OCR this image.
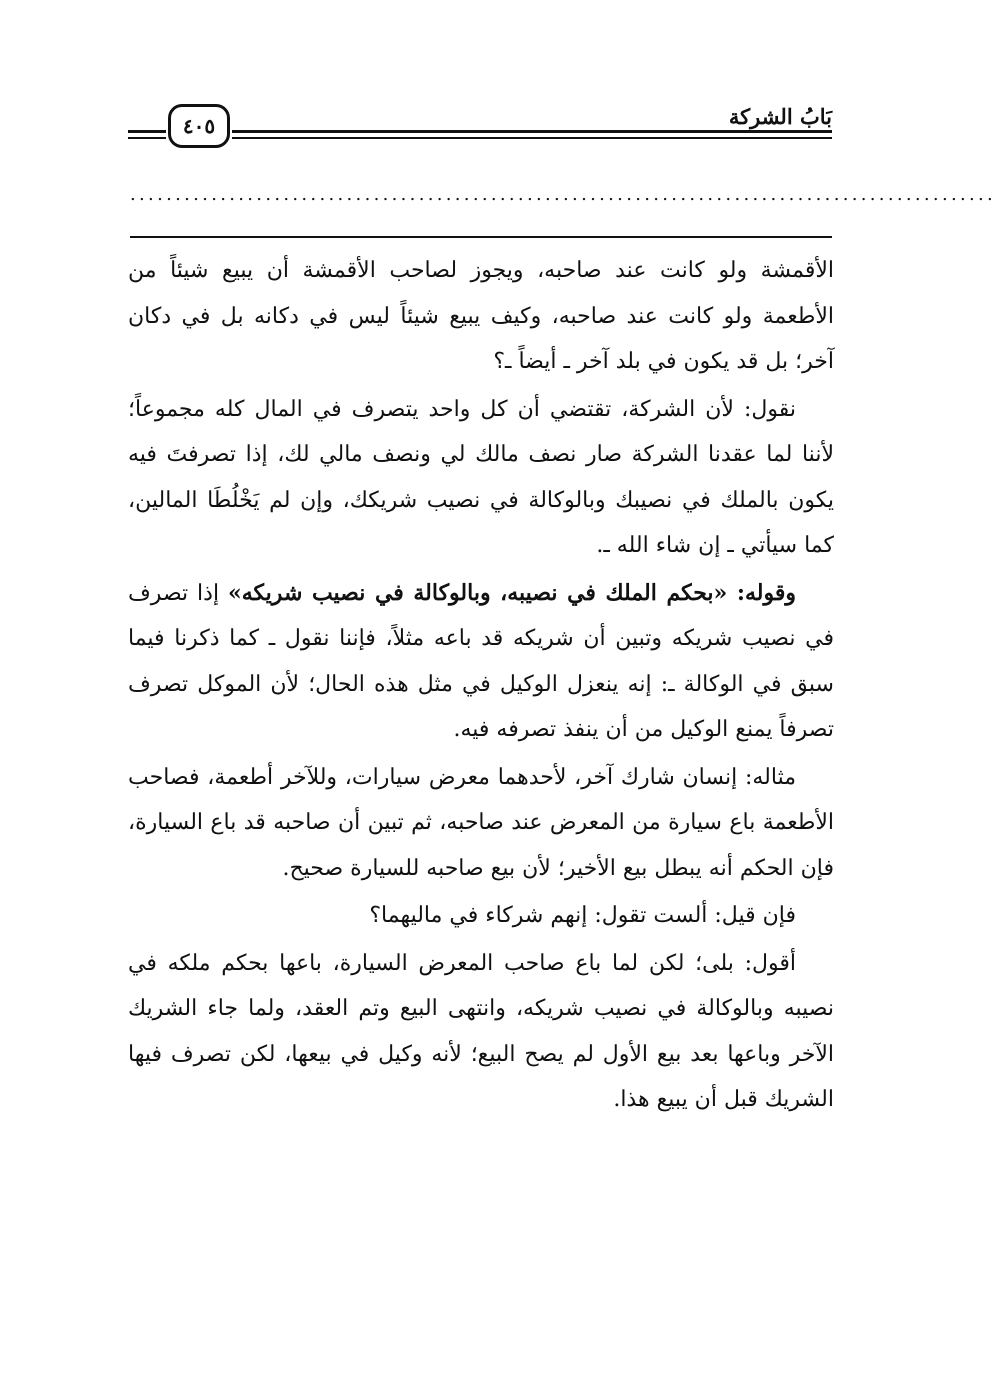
٤٠٥	بَابُ الشركة
................................................................................................

الأقمشة ولو كانت عند صاحبه، ويجوز لصاحب الأقمشة أن يبيع شيئاً من الأطعمة ولو كانت عند صاحبه، وكيف يبيع شيئاً ليس في دكانه بل في دكان آخر؛ بل قد يكون في بلد آخر ـ أيضاً ـ؟

نقول: لأن الشركة، تقتضي أن كل واحد يتصرف في المال كله مجموعاً؛ لأننا لما عقدنا الشركة صار نصف مالك لي ونصف مالي لك، إذا تصرفتَ فيه يكون بالملك في نصيبك وبالوكالة في نصيب شريكك، وإن لم يَخْلُطَا المالين، كما سيأتي ـ إن شاء الله ـ.

وقوله: «بحكم الملك في نصيبه، وبالوكالة في نصيب شريكه» إذا تصرف في نصيب شريكه وتبين أن شريكه قد باعه مثلاً، فإننا نقول ـ كما ذكرنا فيما سبق في الوكالة ـ: إنه ينعزل الوكيل في مثل هذه الحال؛ لأن الموكل تصرف تصرفاً يمنع الوكيل من أن ينفذ تصرفه فيه.

مثاله: إنسان شارك آخر، لأحدهما معرض سيارات، وللآخر أطعمة، فصاحب الأطعمة باع سيارة من المعرض عند صاحبه، ثم تبين أن صاحبه قد باع السيارة، فإن الحكم أنه يبطل بيع الأخير؛ لأن بيع صاحبه للسيارة صحيح.

فإن قيل: ألست تقول: إنهم شركاء في ماليهما؟

أقول: بلى؛ لكن لما باع صاحب المعرض السيارة، باعها بحكم ملكه في نصيبه وبالوكالة في نصيب شريكه، وانتهى البيع وتم العقد، ولما جاء الشريك الآخر وباعها بعد بيع الأول لم يصح البيع؛ لأنه وكيل في بيعها، لكن تصرف فيها الشريك قبل أن يبيع هذا.
